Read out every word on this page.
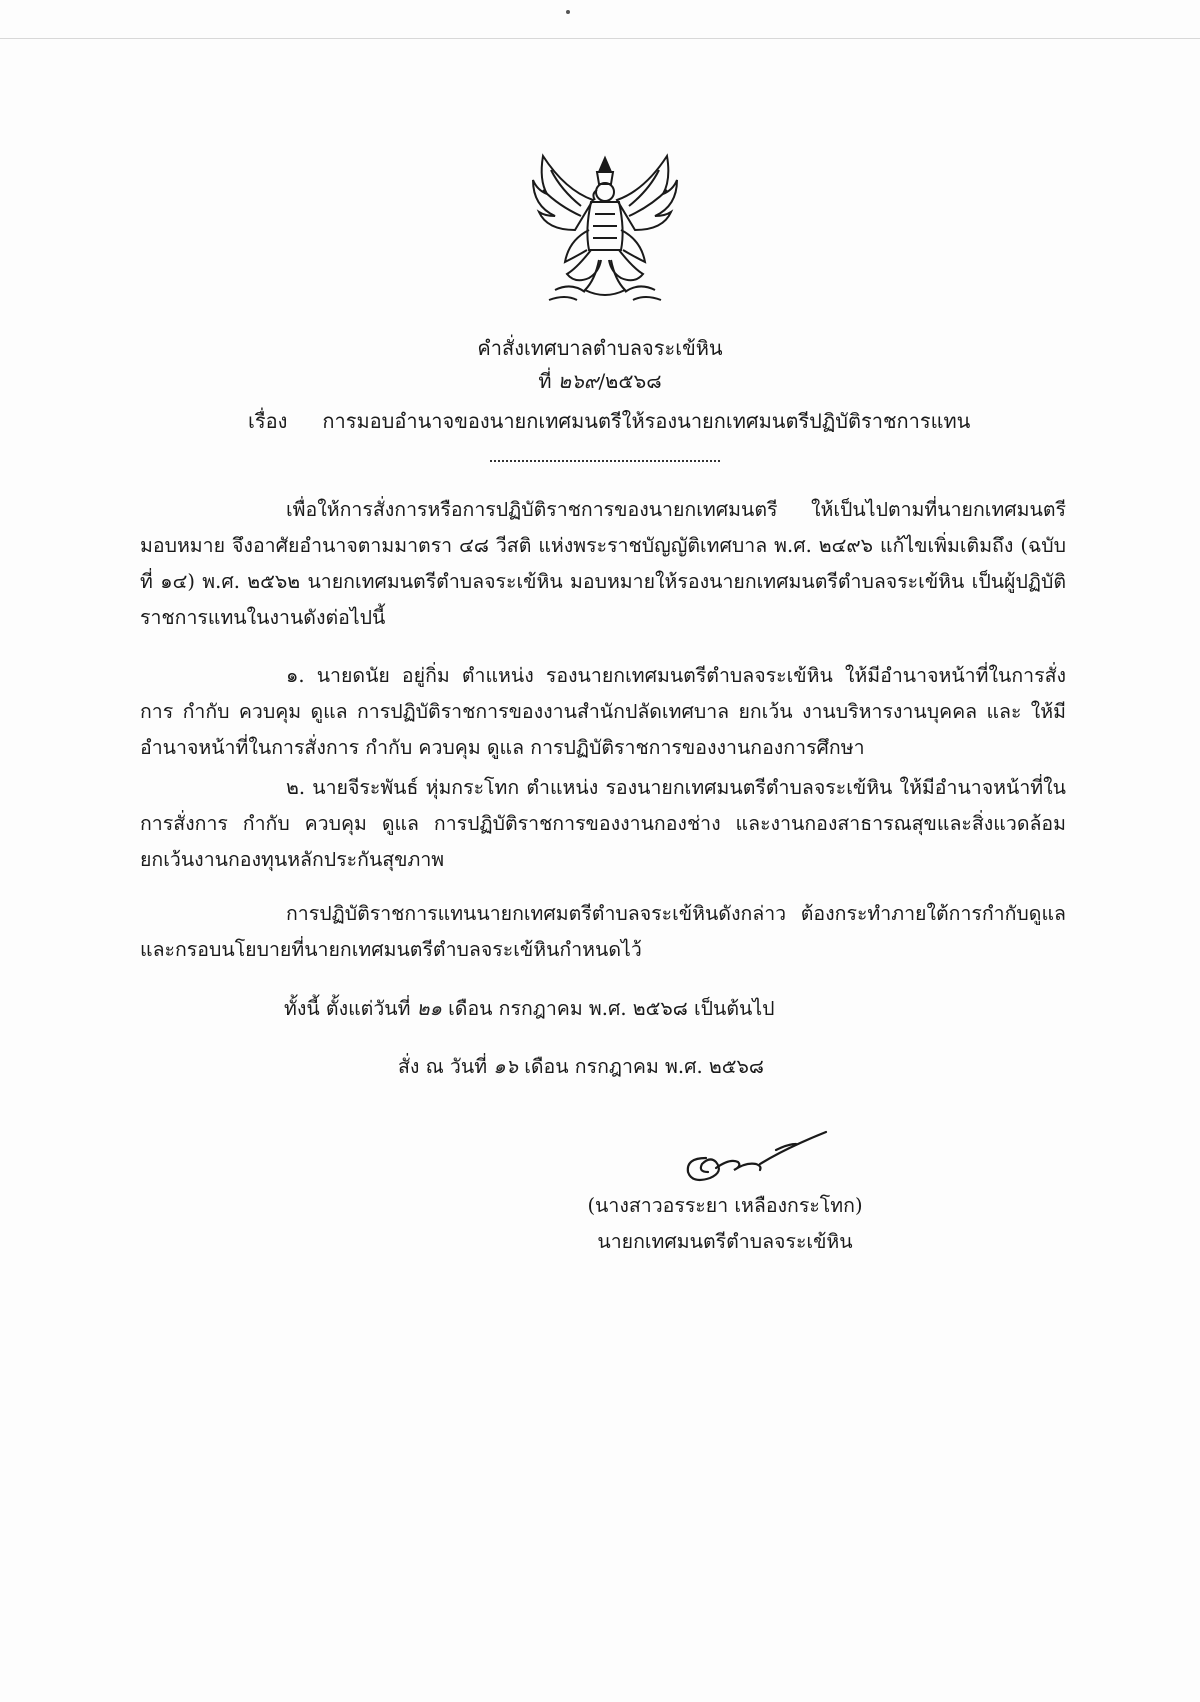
คำสั่งเทศบาลตำบลจระเข้หิน
ที่ ๒๖๙/๒๕๖๘
เรื่อง การมอบอำนาจของนายกเทศมนตรีให้รองนายกเทศมนตรีปฏิบัติราชการแทน
เพื่อให้การสั่งการหรือการปฏิบัติราชการของนายกเทศมนตรี ให้เป็นไปตามที่นายกเทศมนตรีมอบหมาย จึงอาศัยอำนาจตามมาตรา ๔๘ วีสติ แห่งพระราชบัญญัติเทศบาล พ.ศ. ๒๔๙๖ แก้ไขเพิ่มเติมถึง (ฉบับที่ ๑๔) พ.ศ. ๒๕๖๒ นายกเทศมนตรีตำบลจระเข้หิน มอบหมายให้รองนายกเทศมนตรีตำบลจระเข้หิน เป็นผู้ปฏิบัติราชการแทนในงานดังต่อไปนี้
๑. นายดนัย อยู่กิ่ม ตำแหน่ง รองนายกเทศมนตรีตำบลจระเข้หิน ให้มีอำนาจหน้าที่ในการสั่งการ กำกับ ควบคุม ดูแล การปฏิบัติราชการของงานสำนักปลัดเทศบาล ยกเว้น งานบริหารงานบุคคล และ ให้มีอำนาจหน้าที่ในการสั่งการ กำกับ ควบคุม ดูแล การปฏิบัติราชการของงานกองการศึกษา
๒. นายจีระพันธ์ หุ่มกระโทก ตำแหน่ง รองนายกเทศมนตรีตำบลจระเข้หิน ให้มีอำนาจหน้าที่ในการสั่งการ กำกับ ควบคุม ดูแล การปฏิบัติราชการของงานกองช่าง และงานกองสาธารณสุขและสิ่งแวดล้อม ยกเว้นงานกองทุนหลักประกันสุขภาพ
การปฏิบัติราชการแทนนายกเทศมตรีตำบลจระเข้หินดังกล่าว ต้องกระทำภายใต้การกำกับดูแล และกรอบนโยบายที่นายกเทศมนตรีตำบลจระเข้หินกำหนดไว้
ทั้งนี้ ตั้งแต่วันที่ ๒๑ เดือน กรกฎาคม พ.ศ. ๒๕๖๘ เป็นต้นไป
สั่ง ณ วันที่ ๑๖ เดือน กรกฎาคม พ.ศ. ๒๕๖๘
(นางสาวอรระยา เหลืองกระโทก)
นายกเทศมนตรีตำบลจระเข้หิน
